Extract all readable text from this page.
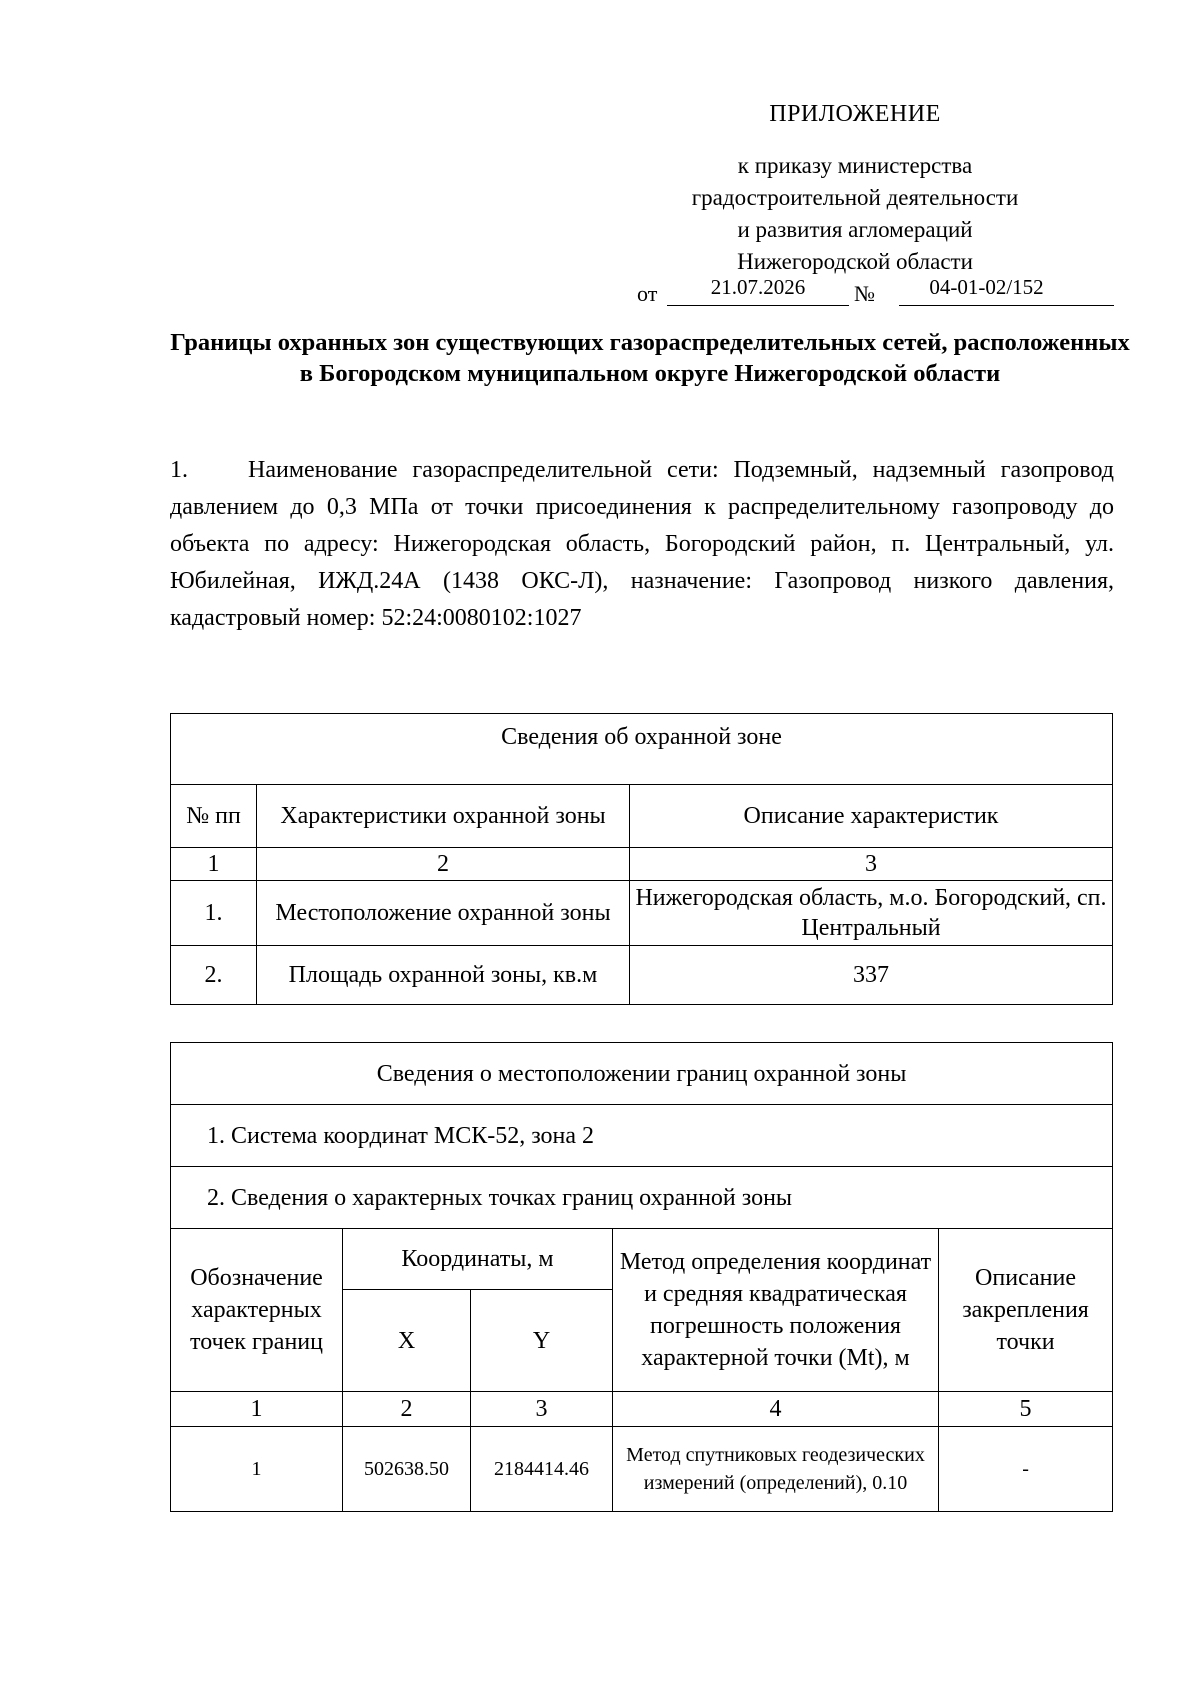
ПРИЛОЖЕНИЕ
к приказу министерства
градостроительной деятельности
и развития агломераций
Нижегородской области
от	21.07.2026	№	04-01-02/152
Границы охранных зон существующих газораспределительных сетей, расположенных в Богородском муниципальном округе Нижегородской области
1.	Наименование газораспределительной сети: Подземный, надземный газопровод давлением до 0,3 МПа от точки присоединения к распределительному газопроводу до объекта по адресу: Нижегородская область, Богородский район, п. Центральный, ул. Юбилейная, ИЖД.24А (1438 ОКС-Л), назначение: Газопровод низкого давления, кадастровый номер: 52:24:0080102:1027
Сведения об охранной зоне		
№ пп	Характеристики охранной зоны	Описание характеристик
1	2	3
1.	Местоположение охранной зоны	Нижегородская область, м.о. Богородский, сп. Центральный
2.	Площадь охранной зоны, кв.м	337
Сведения о местоположении границ охранной зоны				
1. Система координат МСК-52, зона 2				
2. Сведения о характерных точках границ охранной зоны				
Обозначение характерных точек границ	Координаты, м		Метод определения координат и средняя квадратическая погрешность положения характерной точки (Mt), м	Описание закрепления точки
	X	Y		
1	2	3	4	5
1	502638.50	2184414.46	Метод спутниковых геодезических измерений (определений), 0.10	-
